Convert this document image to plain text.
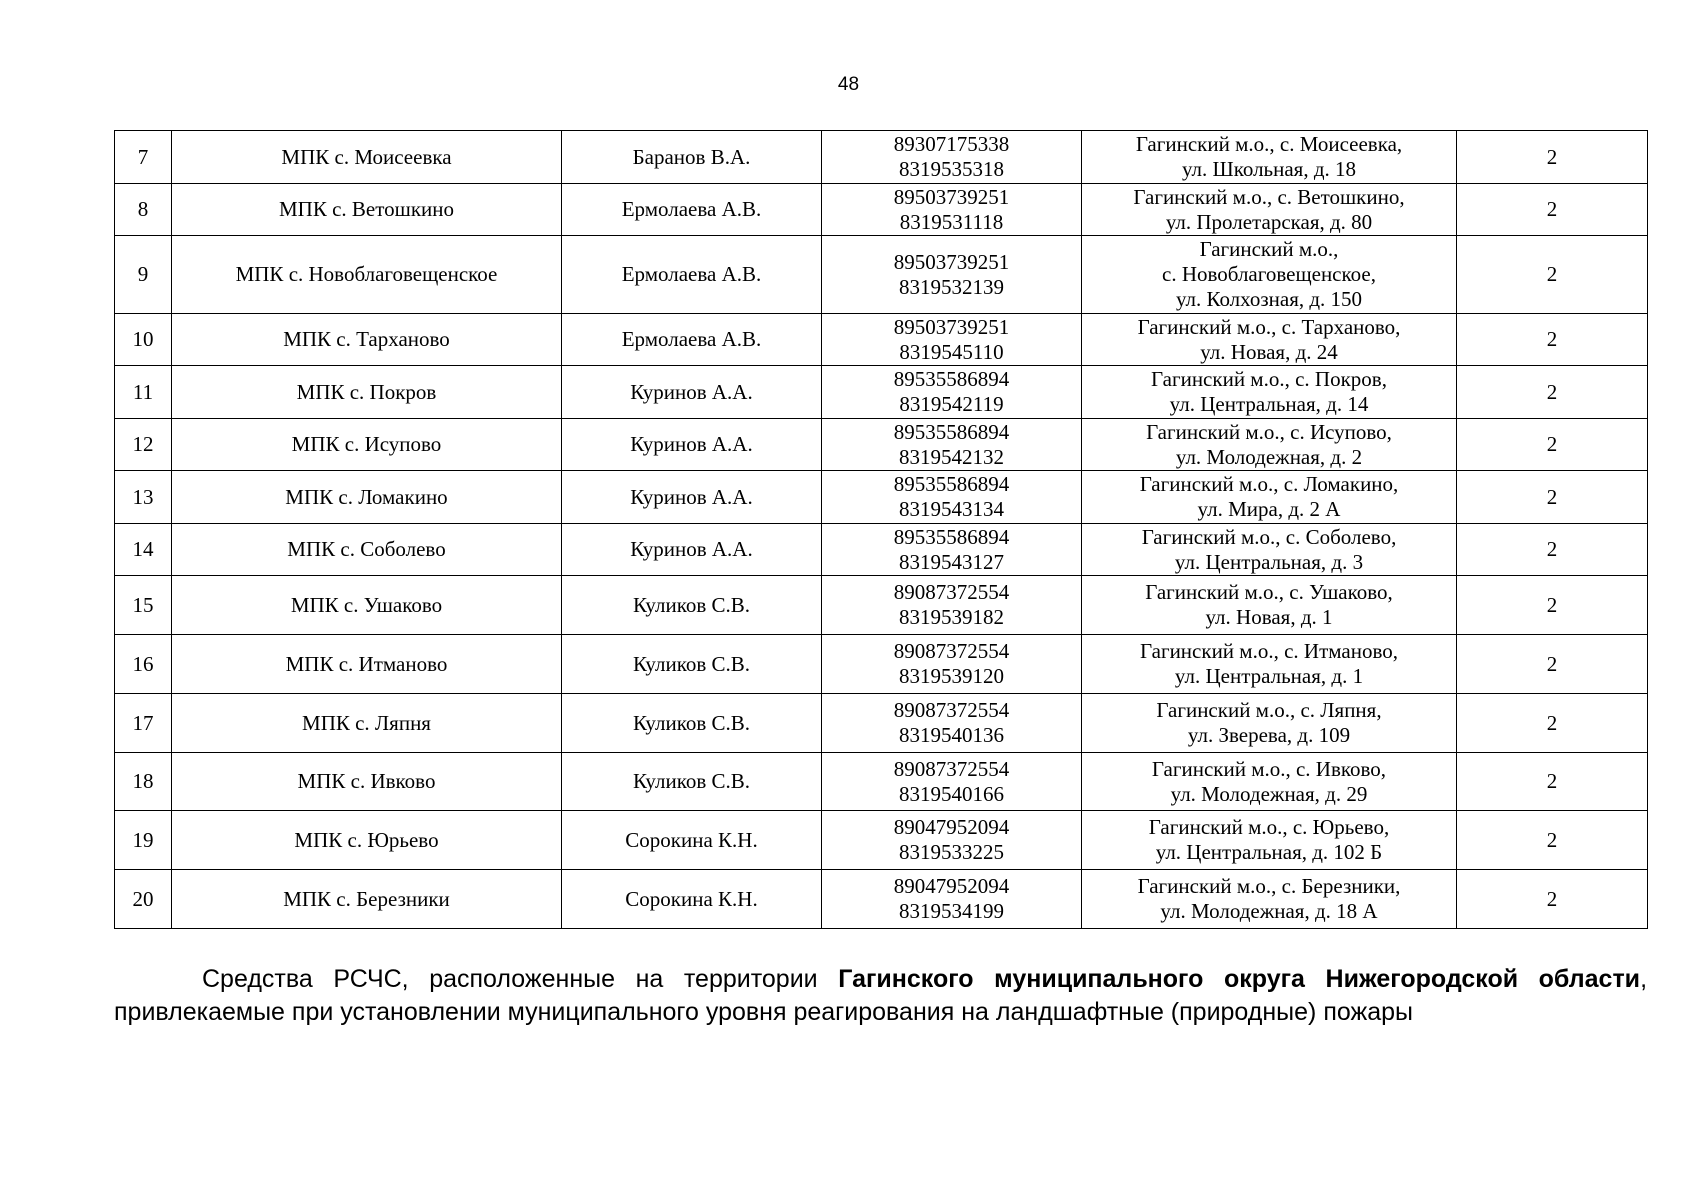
48
7	МПК с. Моисеевка	Баранов В.А.	89307175338
8319535318	Гагинский м.о., с. Моисеевка,
ул. Школьная, д. 18	2
8	МПК с. Ветошкино	Ермолаева А.В.	89503739251
8319531118	Гагинский м.о., с. Ветошкино,
ул. Пролетарская, д. 80	2
9	МПК с. Новоблаговещенское	Ермолаева А.В.	89503739251
8319532139	Гагинский м.о.,
с. Новоблаговещенское,
ул. Колхозная, д. 150	2
10	МПК с. Тарханово	Ермолаева А.В.	89503739251
8319545110	Гагинский м.о., с. Тарханово,
ул. Новая, д. 24	2
11	МПК с. Покров	Куринов А.А.	89535586894
8319542119	Гагинский м.о., с. Покров,
ул. Центральная, д. 14	2
12	МПК с. Исупово	Куринов А.А.	89535586894
8319542132	Гагинский м.о., с. Исупово,
ул. Молодежная, д. 2	2
13	МПК с. Ломакино	Куринов А.А.	89535586894
8319543134	Гагинский м.о., с. Ломакино,
ул. Мира, д. 2 А	2
14	МПК с. Соболево	Куринов А.А.	89535586894
8319543127	Гагинский м.о., с. Соболево,
ул. Центральная, д. 3	2
15	МПК с. Ушаково	Куликов С.В.	89087372554
8319539182	Гагинский м.о., с. Ушаково,
ул. Новая, д. 1	2
16	МПК с. Итманово	Куликов С.В.	89087372554
8319539120	Гагинский м.о., с. Итманово,
ул. Центральная, д. 1	2
17	МПК с. Ляпня	Куликов С.В.	89087372554
8319540136	Гагинский м.о., с. Ляпня,
ул. Зверева, д. 109	2
18	МПК с. Ивково	Куликов С.В.	89087372554
8319540166	Гагинский м.о., с. Ивково,
ул. Молодежная, д. 29	2
19	МПК с. Юрьево	Сорокина К.Н.	89047952094
8319533225	Гагинский м.о., с. Юрьево,
ул. Центральная, д. 102 Б	2
20	МПК с. Березники	Сорокина К.Н.	89047952094
8319534199	Гагинский м.о., с. Березники,
ул. Молодежная, д. 18 А	2

Средства РСЧС, расположенные на территории Гагинского муниципального округа Нижегородской области, привлекаемые при установлении муниципального уровня реагирования на ландшафтные (природные) пожары
